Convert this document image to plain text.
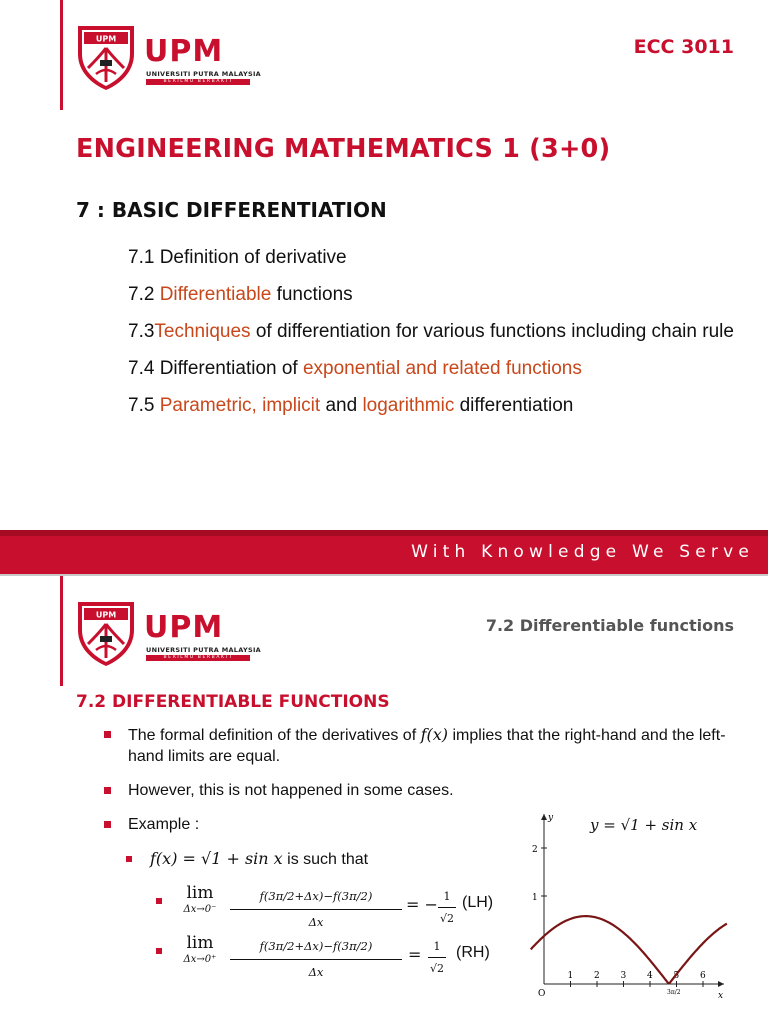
UPM UPM
UNIVERSITI PUTRA MALAYSIA
BERILMU BERBAKTI
ECC 3011
ENGINEERING MATHEMATICS 1 (3+0)
7 : BASIC DIFFERENTIATION
7.1 Definition of derivative
7.2 Differentiable functions
7.3Techniques of differentiation for various functions including chain rule
7.4 Differentiation of exponential and related functions
7.5 Parametric, implicit and logarithmic differentiation
With Knowledge We Serve
UPM UPM
UNIVERSITI PUTRA MALAYSIA
BERILMU BERBAKTI
7.2 Differentiable functions
7.2 DIFFERENTIABLE FUNCTIONS
The formal definition of the derivatives of f(x) implies that the right-hand and the left-hand limits are equal.
However, this is not happened in some cases.
Example :
f(x) = √1 + sin x is such that
lim
Δx→0⁻	$\frac{f(3\pi/2+\Delta x)-f(3\pi/2)}{\Delta x}$ = − 1
√2
(LH)
lim
Δx→0⁺	$\frac{f(3\pi/2+\Delta x)-f(3\pi/2)}{\Delta x}$ =	1
√2
(RH)
y = √1 + sin x
y
x
1
2
O
1 2 3 4 5 6
3π/2
